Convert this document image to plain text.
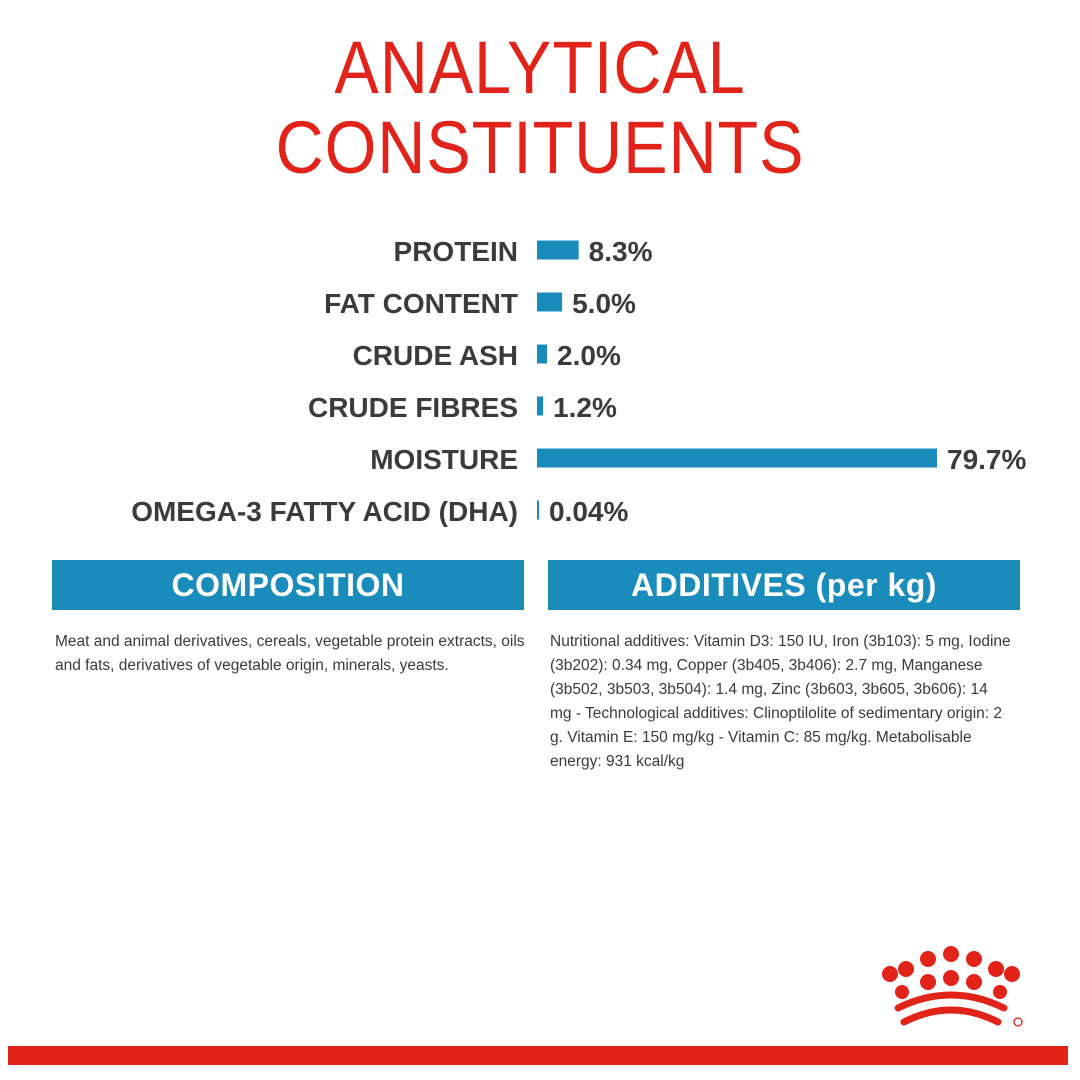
ANALYTICAL
CONSTITUENTS
PROTEIN	8.3%
FAT CONTENT 5.0%
CRUDE ASH 2.0%
CRUDE FIBRES 1.2%
MOISTURE	79.7%
OMEGA-3 FATTY ACID (DHA) 0.04%
COMPOSITION
Meat and animal derivatives, cereals, vegetable protein extracts, oils and fats, derivatives of vegetable origin, minerals, yeasts.
ADDITIVES (per kg)
Nutritional additives: Vitamin D3: 150 IU, Iron (3b103): 5 mg, Iodine (3b202): 0.34 mg, Copper (3b405, 3b406): 2.7 mg, Manganese (3b502, 3b503, 3b504): 1.4 mg, Zinc (3b603, 3b605, 3b606): 14 mg - Technological additives: Clinoptilolite of sedimentary origin: 2 g. Vitamin E: 150 mg/kg - Vitamin C: 85 mg/kg. Metabolisable energy: 931 kcal/kg
